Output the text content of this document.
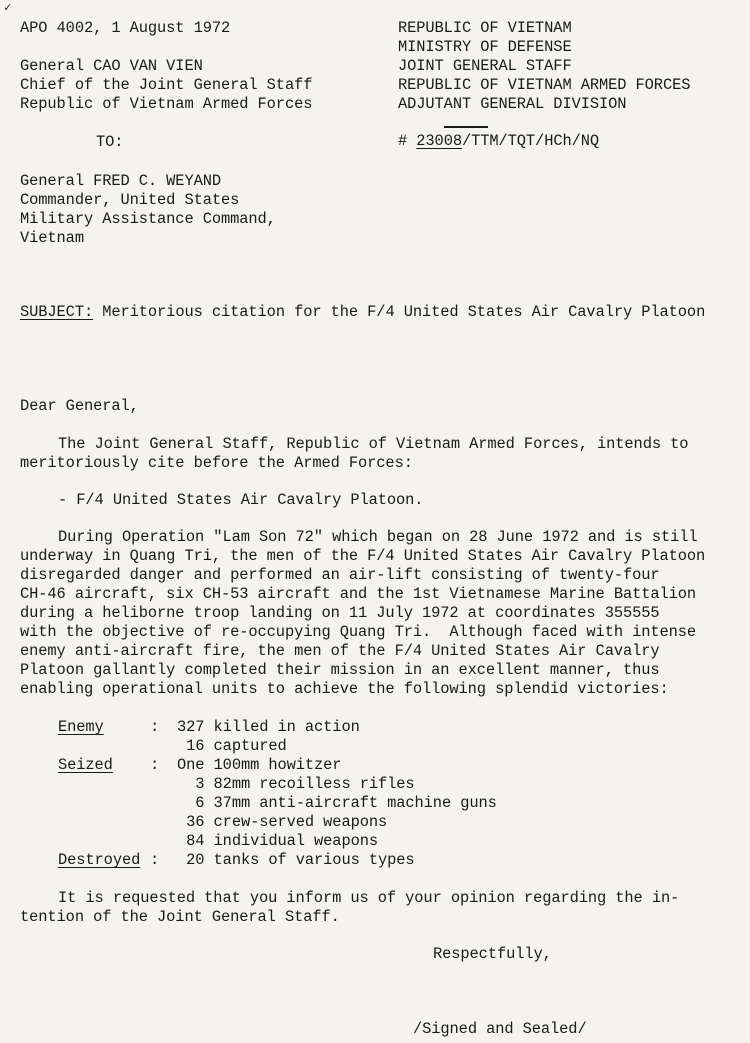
✓
APO 4002, 1 August 1972
General CAO VAN VIEN
Chief of the Joint General Staff
Republic of Vietnam Armed Forces
REPUBLIC OF VIETNAM
MINISTRY OF DEFENSE
JOINT GENERAL STAFF
REPUBLIC OF VIETNAM ARMED FORCES
ADJUTANT GENERAL DIVISION
# 23008/TTM/TQT/HCh/NQ
TO:
General FRED C. WEYAND
Commander, United States
Military Assistance Command,
Vietnam
SUBJECT: Meritorious citation for the F/4 United States Air Cavalry Platoon
Dear General,
The Joint General Staff, Republic of Vietnam Armed Forces, intends to
meritoriously cite before the Armed Forces:
- F/4 United States Air Cavalry Platoon.
During Operation "Lam Son 72" which began on 28 June 1972 and is still
underway in Quang Tri, the men of the F/4 United States Air Cavalry Platoon
disregarded danger and performed an air-lift consisting of twenty-four
CH-46 aircraft, six CH-53 aircraft and the 1st Vietnamese Marine Battalion
during a heliborne troop landing on 11 July 1972 at coordinates 355555
with the objective of re-occupying Quang Tri.  Although faced with intense
enemy anti-aircraft fire, the men of the F/4 United States Air Cavalry
Platoon gallantly completed their mission in an excellent manner, thus
enabling operational units to achieve the following splendid victories:
Enemy	: 327 killed in action
16 captured
Seized : One 100mm howitzer
3 82mm recoilless rifles
6 37mm anti-aircraft machine guns
36 crew-served weapons
84 individual weapons
Destroyed : 20 tanks of various types
It is requested that you inform us of your opinion regarding the in-
tention of the Joint General Staff.
Respectfully,
/Signed and Sealed/
